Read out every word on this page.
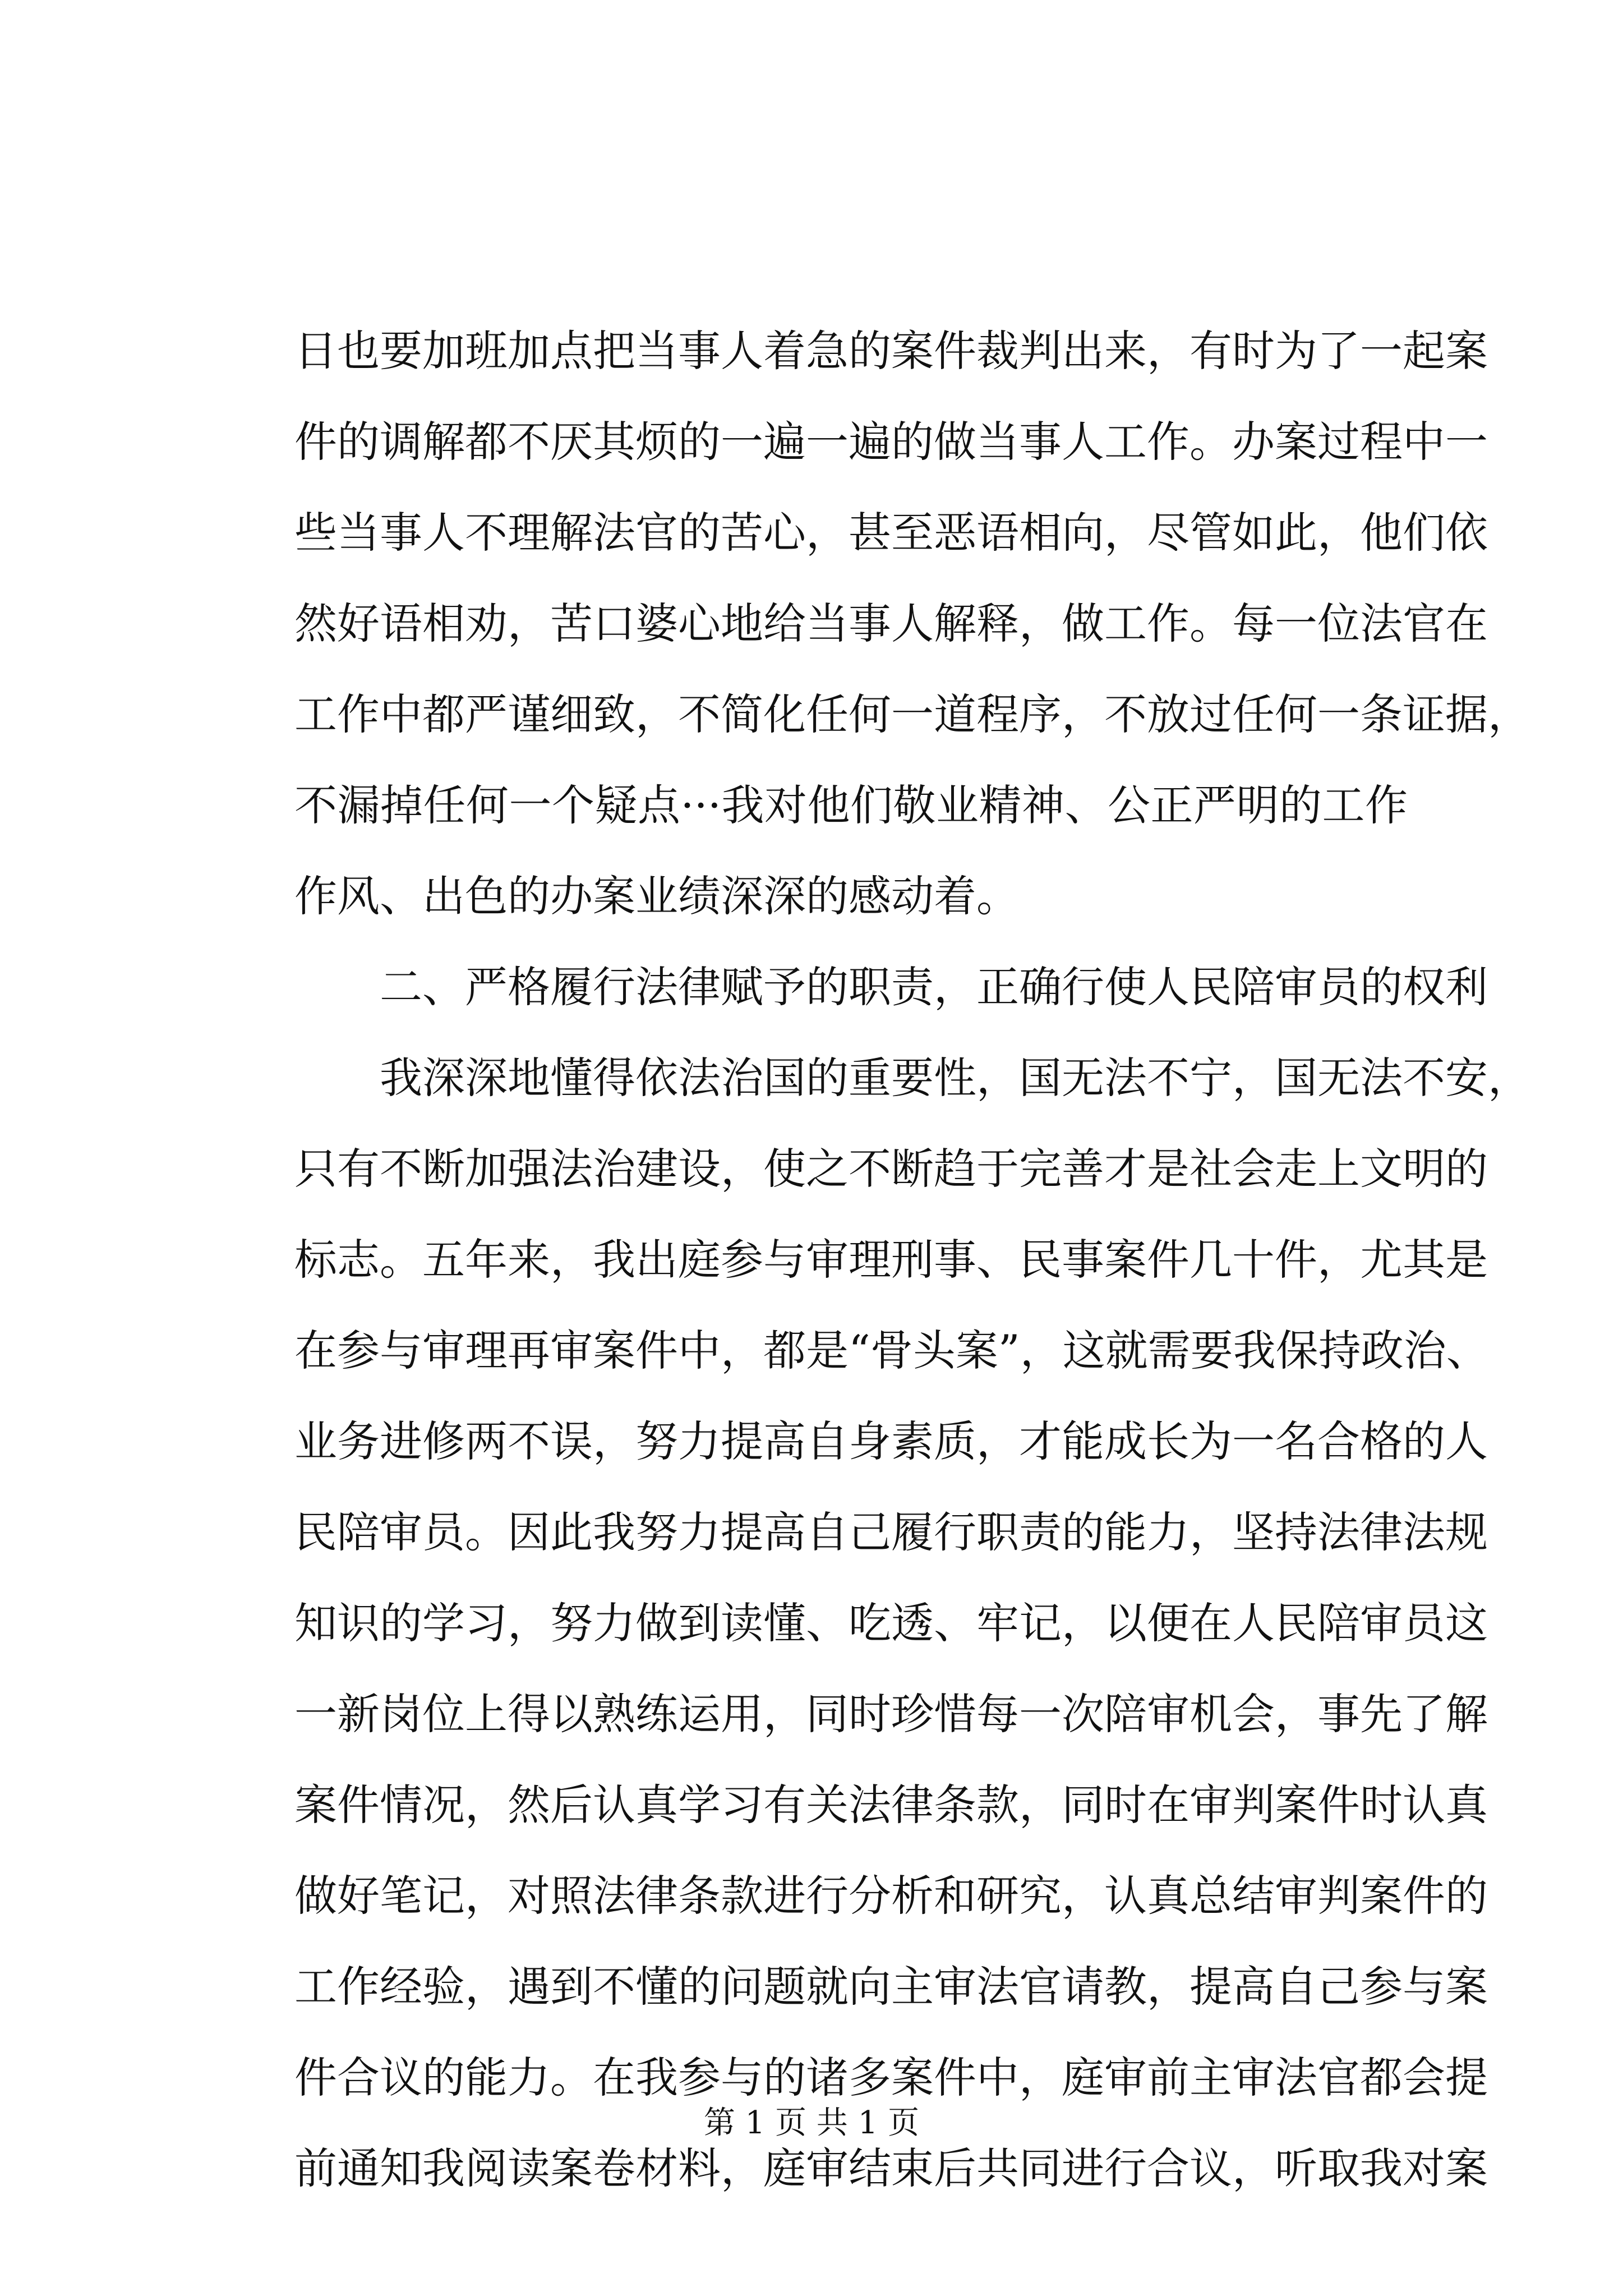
日也要加班加点把当事人着急的案件裁判出来，有时为了一起案
件的调解都不厌其烦的一遍一遍的做当事人工作。办案过程中一
些当事人不理解法官的苦心，甚至恶语相向，尽管如此，他们依
然好语相劝，苦口婆心地给当事人解释，做工作。每一位法官在
工作中都严谨细致，不简化任何一道程序，不放过任何一条证据，
不漏掉任何一个疑点···我对他们敬业精神、公正严明的工作
作风、出色的办案业绩深深的感动着。
二、严格履行法律赋予的职责，正确行使人民陪审员的权利
我深深地懂得依法治国的重要性，国无法不宁，国无法不安，
只有不断加强法治建设，使之不断趋于完善才是社会走上文明的
标志。五年来，我出庭参与审理刑事、民事案件几十件，尤其是
在参与审理再审案件中，都是“骨头案”，这就需要我保持政治、
业务进修两不误，努力提高自身素质，才能成长为一名合格的人
民陪审员。因此我努力提高自己履行职责的能力，坚持法律法规
知识的学习，努力做到读懂、吃透、牢记，以便在人民陪审员这
一新岗位上得以熟练运用，同时珍惜每一次陪审机会，事先了解
案件情况，然后认真学习有关法律条款，同时在审判案件时认真
做好笔记，对照法律条款进行分析和研究，认真总结审判案件的
工作经验，遇到不懂的问题就向主审法官请教，提高自己参与案
件合议的能力。在我参与的诸多案件中，庭审前主审法官都会提
前通知我阅读案卷材料，庭审结束后共同进行合议，听取我对案
第 1 页 共 1 页
